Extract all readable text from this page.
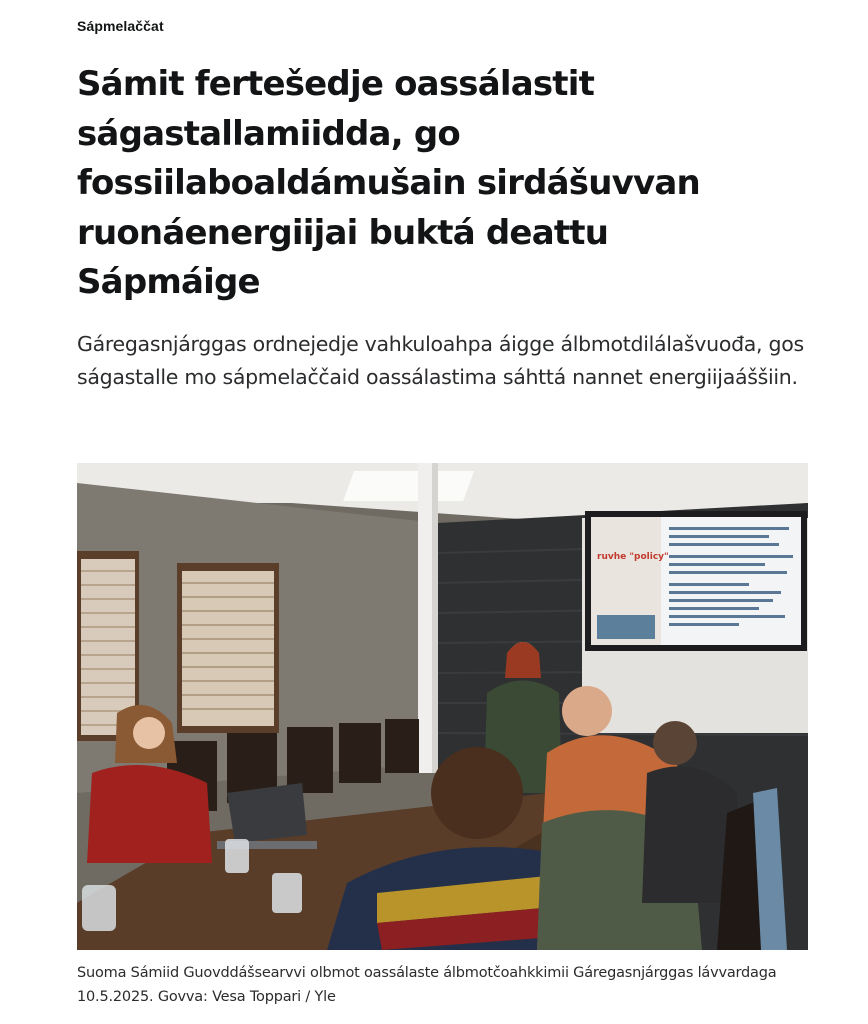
Sápmelaččat
Sámit fertešedje oassálastit ságastallamiidda, go fossiilaboaldámušain sirdášuvvan ruonáenergiijai buktá deattu Sápmáige

Gáregasnjárggas ordnejedje vahkuloahpa áigge álbmotdilálašvuođa, gos ságastalle mo sápmelaččaid oassálastima sáhttá nannet energiijaáššiin.

ruvhe "policy"
Suoma Sámiid Guovddášsearvvi olbmot oassálaste álbmotčoahkkimii Gáregasnjárggas lávvardaga 10.5.2025. Govva: Vesa Toppari / Yle
